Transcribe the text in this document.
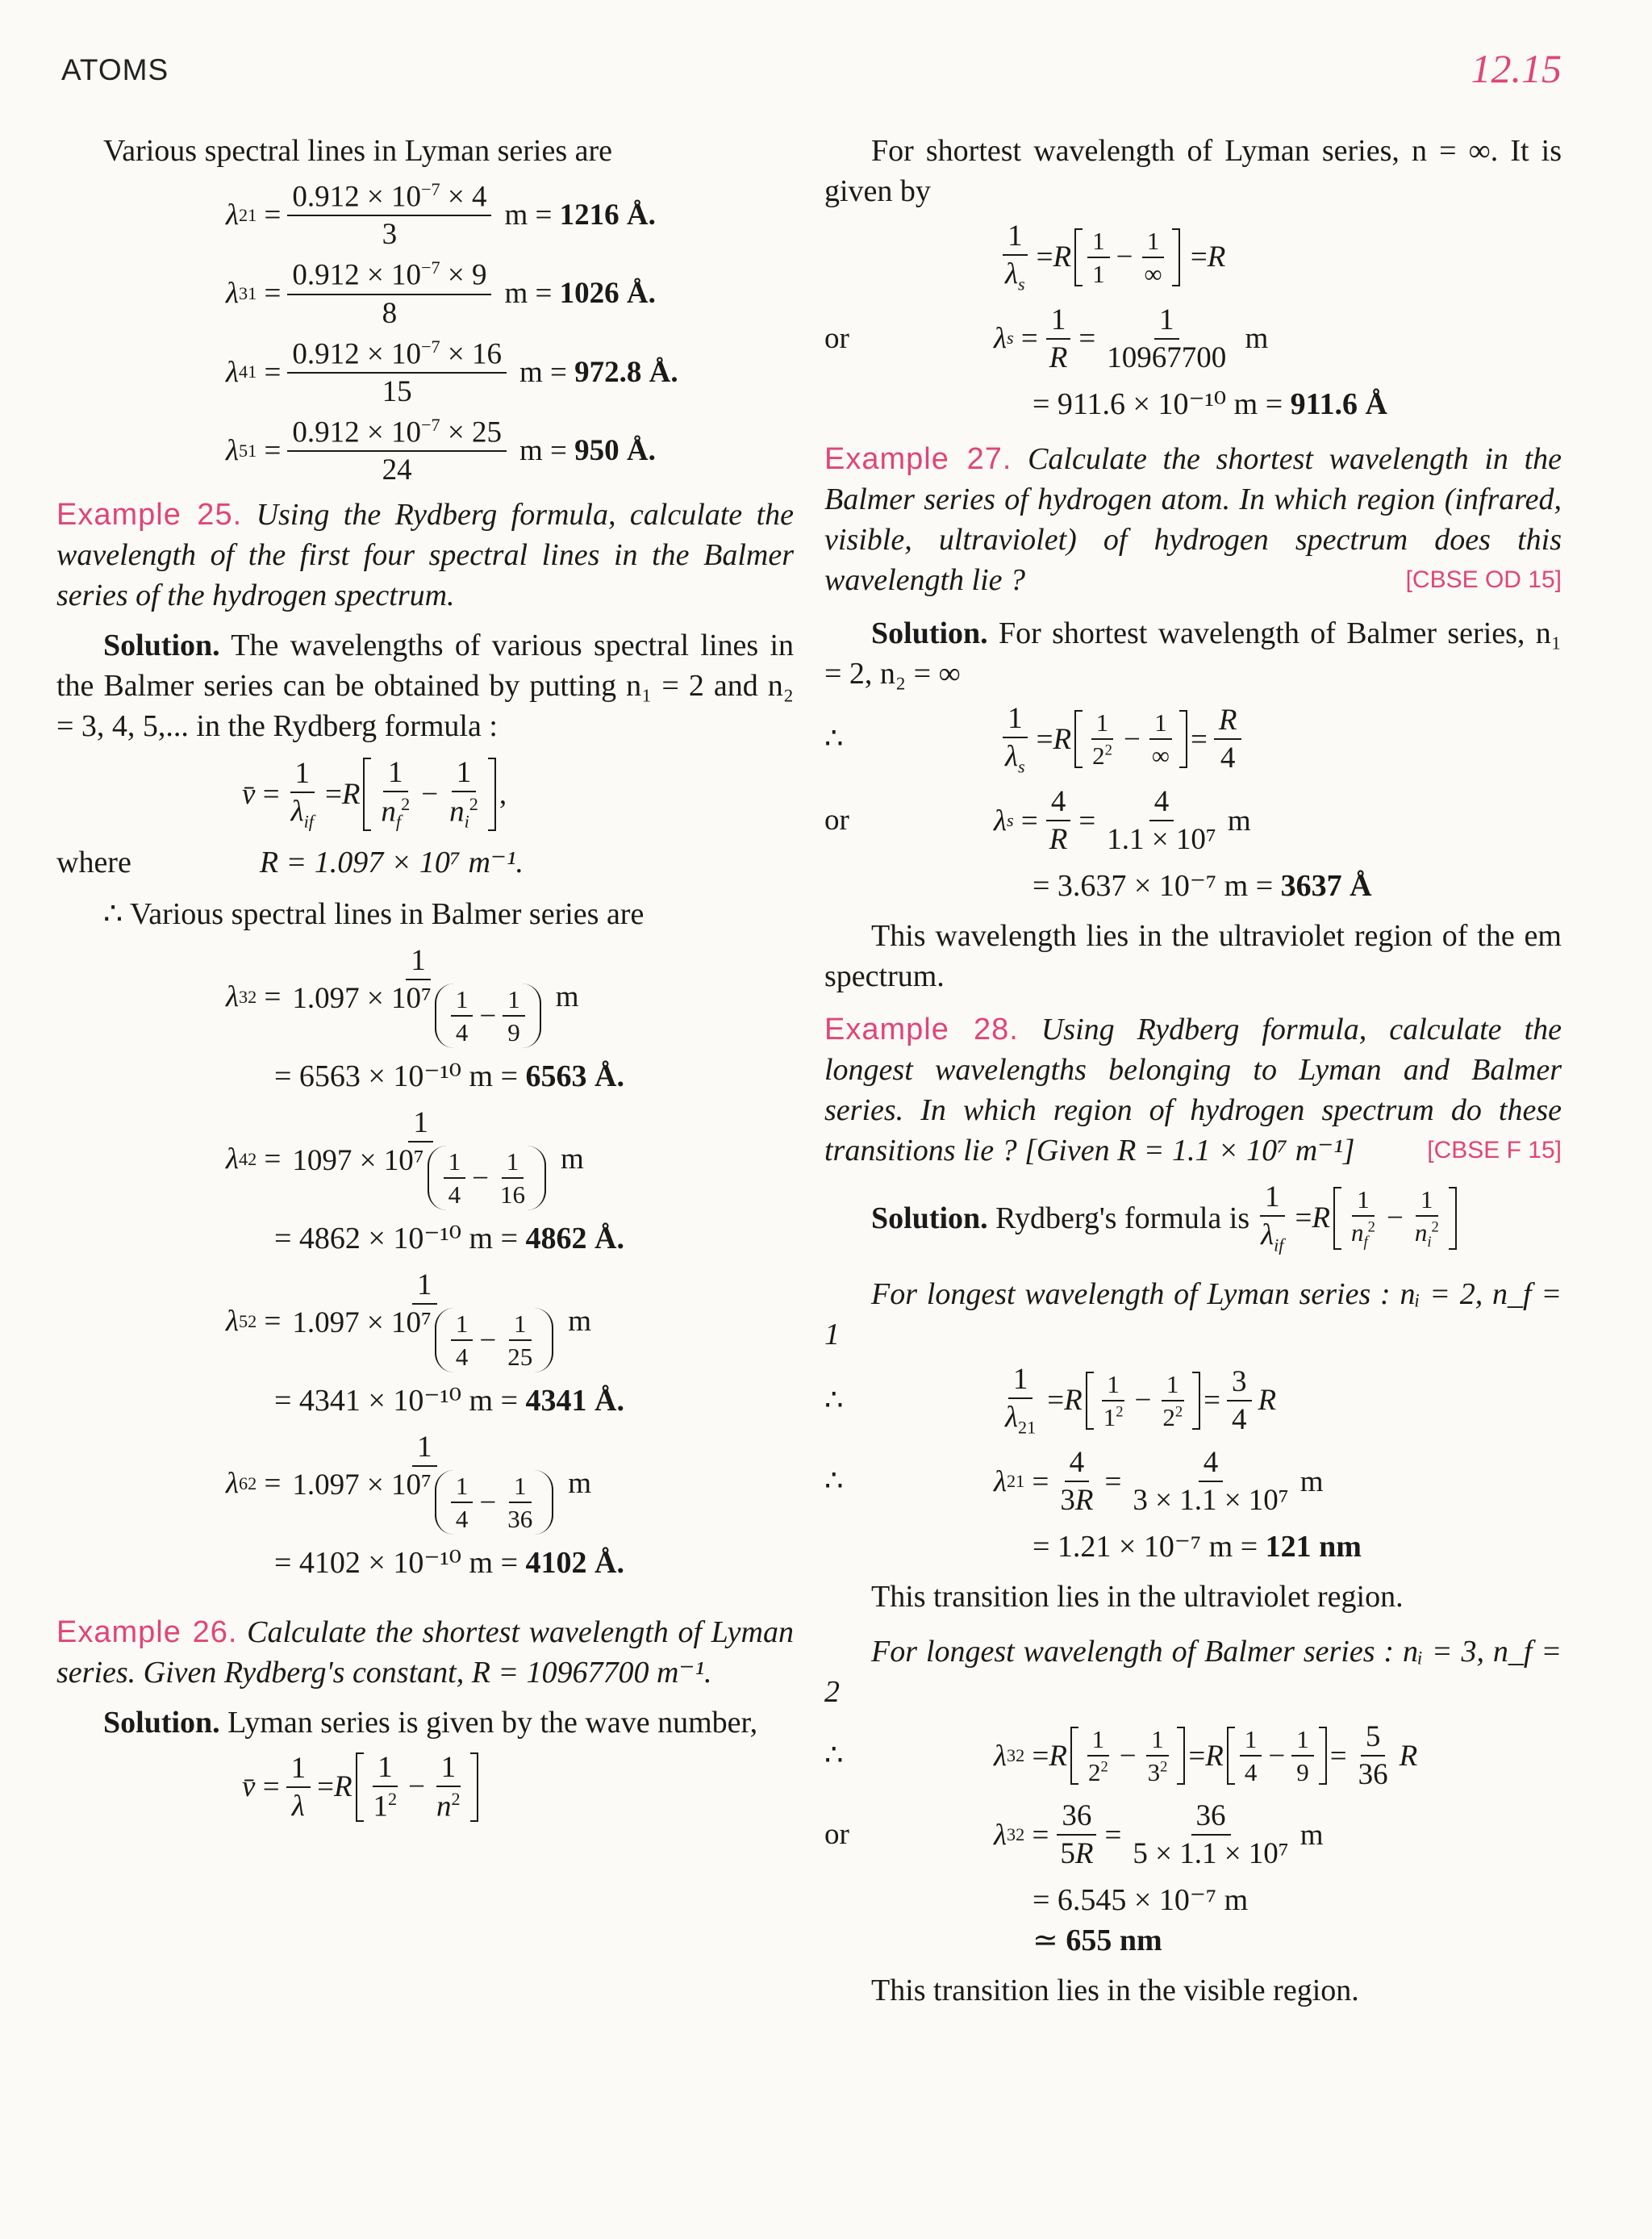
ATOMS	12.15

Various spectral lines in Lyman series are

λ $21 = \frac{0.912 \times 10^{-7} \times 4}{3}$ m = 1216 Å.
λ $31 = \frac{0.912 \times 10^{-7} \times 9}{8}$ m = 1026 Å.
λ $41 = \frac{0.912 \times 10^{-7} \times 16}{15}$ m = 972.8 Å.
λ $51 = \frac{0.912 \times 10^{-7} \times 25}{24}$ m = 950 Å.

Example 25. Using the Rydberg formula, calculate the wavelength of the first four spectral lines in the Balmer series of the hydrogen spectrum.

Solution. The wavelengths of various spectral lines in the Balmer series can be obtained by putting n₁ = 2 and n₂ = 3, 4, 5,... in the Rydberg formula :

v̄ = $\frac{1}{\lambda_{if}} = R \frac{1}{n_f^2} - \frac{1}{n_i^2}$ ,

where	R = 1.097 × 10⁷ m⁻¹.

∴ Various spectral lines in Balmer series are

λ $32 = \frac{1}{1.097 \times 10^7 \frac{1}{4} - \frac{1}{9}}$ m
= 6563 × 10⁻¹⁰ m = 6563 Å.
λ $42 = \frac{1}{1097 \times 10^7 \frac{1}{4} - \frac{1}{16}}$ m
= 4862 × 10⁻¹⁰ m = 4862 Å.
λ $52 = \frac{1}{1.097 \times 10^7 \frac{1}{4} - \frac{1}{25}}$ m
= 4341 × 10⁻¹⁰ m = 4341 Å.
λ $62 = \frac{1}{1.097 \times 10^7 \frac{1}{4} - \frac{1}{36}}$ m
= 4102 × 10⁻¹⁰ m = 4102 Å.

Example 26. Calculate the shortest wavelength of Lyman series. Given Rydberg's constant, R = 10967700 m⁻¹.

Solution. Lyman series is given by the wave number,

v̄ = $\frac{1}{\lambda} = R \frac{1}{1^2} - \frac{1}{n^2}$

For shortest wavelength of Lyman series, n = ∞. It is given by

$\frac{1}{\lambda_s} = R \frac{1}{1} - \frac{1}{\infty} = R$
or	λ $s = \frac{1}{R} = \frac{1}{10967700}$ m
= 911.6 × 10⁻¹⁰ m = 911.6 Å

Example 27. Calculate the shortest wavelength in the Balmer series of hydrogen atom. In which region (infrared, visible, ultraviolet) of hydrogen spectrum does this wavelength lie ?	[CBSE OD 15]

Solution. For shortest wavelength of Balmer series, n₁ = 2, n₂ = ∞

∴	$\frac{1}{\lambda_s} = R \frac{1}{2^2} - \frac{1}{\infty} = \frac{R}{4}$
or	λ $s = \frac{4}{R} = \frac{4}{\text{1.1 × 10⁷}}$ m
= 3.637 × 10⁻⁷ m = 3637 Å

This wavelength lies in the ultraviolet region of the em spectrum.

Example 28. Using Rydberg formula, calculate the longest wavelengths belonging to Lyman and Balmer series. In which region of hydrogen spectrum do these transitions lie ? [Given R = 1.1 × 10⁷ m⁻¹]	[CBSE F 15]

Solution.
Rydberg's formula is $\frac{1}{\lambda_{if}} = R \frac{1}{n_f^2} - \frac{1}{n_i^2}$

For longest wavelength of Lyman series : nᵢ = 2, n_f = 1

∴	$\frac{1}{\lambda_{21}} = R \frac{1}{1^2} - \frac{1}{2^2} = \frac{3}{4}$ R
∴	λ $21 = \frac{4}{3R} = \frac{4}{\text{3 × 1.1 × 10⁷}}$ m
= 1.21 × 10⁻⁷ m = 121 nm

This transition lies in the ultraviolet region.

For longest wavelength of Balmer series : nᵢ = 3, n_f = 2

∴	λ 32 = R $\frac{1}{2^2} - \frac{1}{3^2} = R \frac{1}{4} - \frac{1}{9} = \frac{5}{36}$ R
or	λ $32 = \frac{36}{5R} = \frac{36}{\text{5 × 1.1 × 10⁷}}$ m
= 6.545 × 10⁻⁷ m
≃ 655 nm

This transition lies in the visible region.
